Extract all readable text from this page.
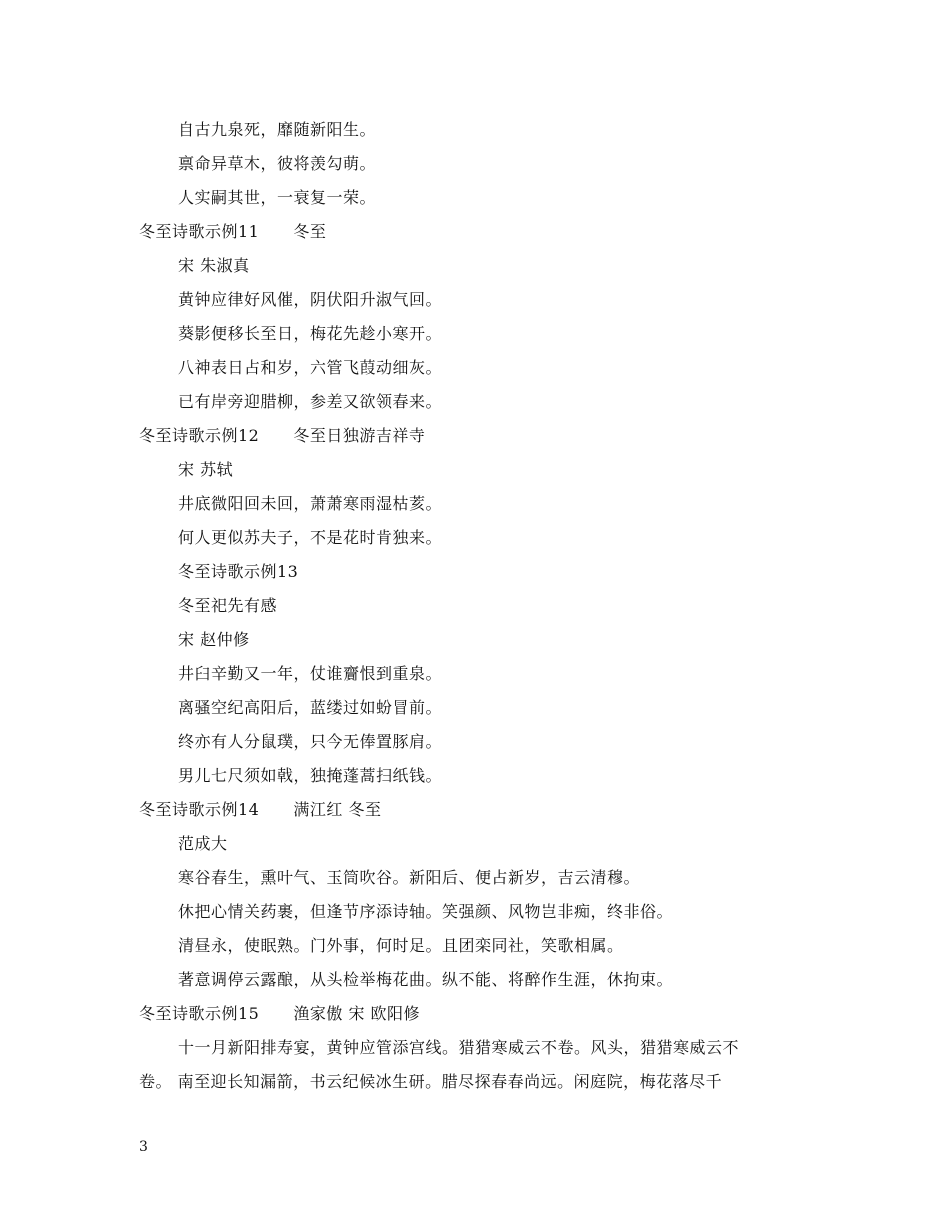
自古九泉死，靡随新阳生。
禀命异草木，彼将羡勾萌。
人实嗣其世，一衰复一荣。
冬至诗歌示例11 冬至
宋 朱淑真
黄钟应律好风催，阴伏阳升淑气回。
葵影便移长至日，梅花先趁小寒开。
八神表日占和岁，六管飞葭动细灰。
已有岸旁迎腊柳，参差又欲领春来。
冬至诗歌示例12 冬至日独游吉祥寺
宋 苏轼
井底微阳回未回，萧萧寒雨湿枯荄。
何人更似苏夫子，不是花时肯独来。
冬至诗歌示例13
冬至祀先有感
宋 赵仲修
井臼辛勤又一年，仗谁齎恨到重泉。
离骚空纪高阳后，蓝缕过如蚡冒前。
终亦有人分鼠璞，只今无俸置豚肩。
男儿七尺须如戟，独掩蓬蒿扫纸钱。
冬至诗歌示例14 满江红 冬至
范成大
寒谷春生，熏叶气、玉筒吹谷。新阳后、便占新岁，吉云清穆。
休把心情关药裹，但逢节序添诗轴。笑强颜、风物岂非痴，终非俗。
清昼永，使眠熟。门外事，何时足。且团栾同社，笑歌相属。
著意调停云露酿，从头检举梅花曲。纵不能、将醉作生涯，休拘束。
冬至诗歌示例15 渔家傲 宋 欧阳修
十一月新阳排寿宴，黄钟应管添宫线。猎猎寒威云不卷。风头，猎猎寒威云不
卷。 南至迎长知漏箭，书云纪候冰生研。腊尽探春春尚远。闲庭院，梅花落尽千
3
